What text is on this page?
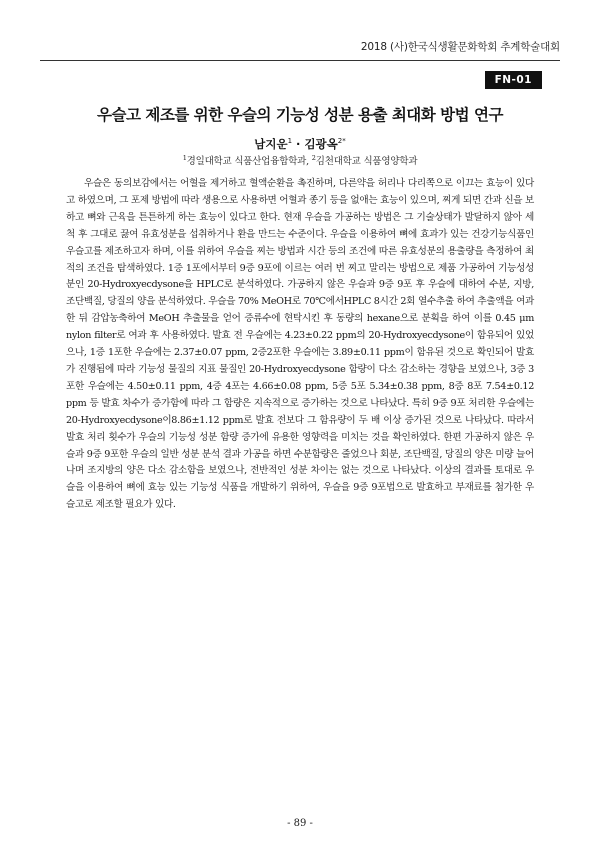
2018 (사)한국식생활문화학회 추계학술대회
FN-01
우슬고 제조를 위한 우슬의 기능성 성분 용출 최대화 방법 연구
남지운$^1$ · 김광옥$^{2*}$
$^1$경일대학교 식품산업융합학과, $^2$김천대학교 식품영양학과

우슬은 동의보감에서는 어혈을 제거하고 혈액순환을 촉진하며, 다른약을 허리나 다리쪽으로 이끄는 효능이 있다고 하였으며, 그 포제 방법에 따라 생용으로 사용하면 어혈과 종기 등을 없애는 효능이 있으며, 찌게 되면 간과 신을 보하고 뼈와 근육을 튼튼하게 하는 효능이 있다고 한다. 현재 우슬을 가공하는 방법은 그 기술상태가 발달하지 않아 세척 후 그대로 끓여 유효성분을 섭취하거나 환을 만드는 수준이다. 우슬을 이용하여 뼈에 효과가 있는 건강기능식품인 우슬고를 제조하고자 하며, 이를 위하여 우슬을 찌는 방법과 시간 등의 조건에 따른 유효성분의 용출량을 측정하여 최적의 조건을 탐색하였다. 1증 1포에서부터 9증 9포에 이르는 여러 번 찌고 말리는 방법으로 제품 가공하여 기능성성분인 20-Hydroxyecdysone을 HPLC로 분석하였다. 가공하지 않은 우슬과 9증 9포 후 우슬에 대하여 수분, 지방, 조단백질, 당질의 양을 분석하였다. 우슬을 70% MeOH로 70℃에서HPLC 8시간 2회 열수추출 하여 추출액을 여과한 뒤 감압농축하여 MeOH 추출물을 얻어 증류수에 현탁시킨 후 동량의 hexane으로 분획을 하여 이를 0.45 μm nylon filter로 여과 후 사용하였다. 발효 전 우슬에는 4.23±0.22 ppm의 20-Hydroxyecdysone이 함유되어 있었으나, 1증 1포한 우슬에는 2.37±0.07 ppm, 2증2포한 우슬에는 3.89±0.11 ppm이 함유된 것으로 확인되어 발효가 진행됨에 따라 기능성 물질의 지표 물질인 20-Hydroxyecdysone 함량이 다소 감소하는 경향을 보였으나, 3증 3포한 우슬에는 4.50±0.11 ppm, 4증 4포는 4.66±0.08 ppm, 5증 5포 5.34±0.38 ppm, 8증 8포 7.54±0.12 ppm 등 발효 차수가 증가함에 따라 그 함량은 지속적으로 증가하는 것으로 나타났다. 특히 9증 9포 처리한 우슬에는 20-Hydroxyecdysone이8.86±1.12 ppm로 발효 전보다 그 함유량이 두 배 이상 증가된 것으로 나타났다. 따라서 발효 처리 횟수가 우슬의 기능성 성분 함량 증가에 유용한 영향력을 미치는 것을 확인하였다. 한편 가공하지 않은 우슬과 9증 9포한 우슬의 일반 성분 분석 결과 가공을 하면 수분함량은 줄었으나 회분, 조단백질, 당질의 양은 미량 늘어나며 조지방의 양은 다소 감소함을 보였으나, 전반적인 성분 차이는 없는 것으로 나타났다. 이상의 결과를 토대로 우슬을 이용하여 뼈에 효능 있는 기능성 식품을 개발하기 위하여, 우슬을 9증 9포법으로 발효하고 부재료를 첨가한 우슬고로 제조할 필요가 있다.

- 89 -
